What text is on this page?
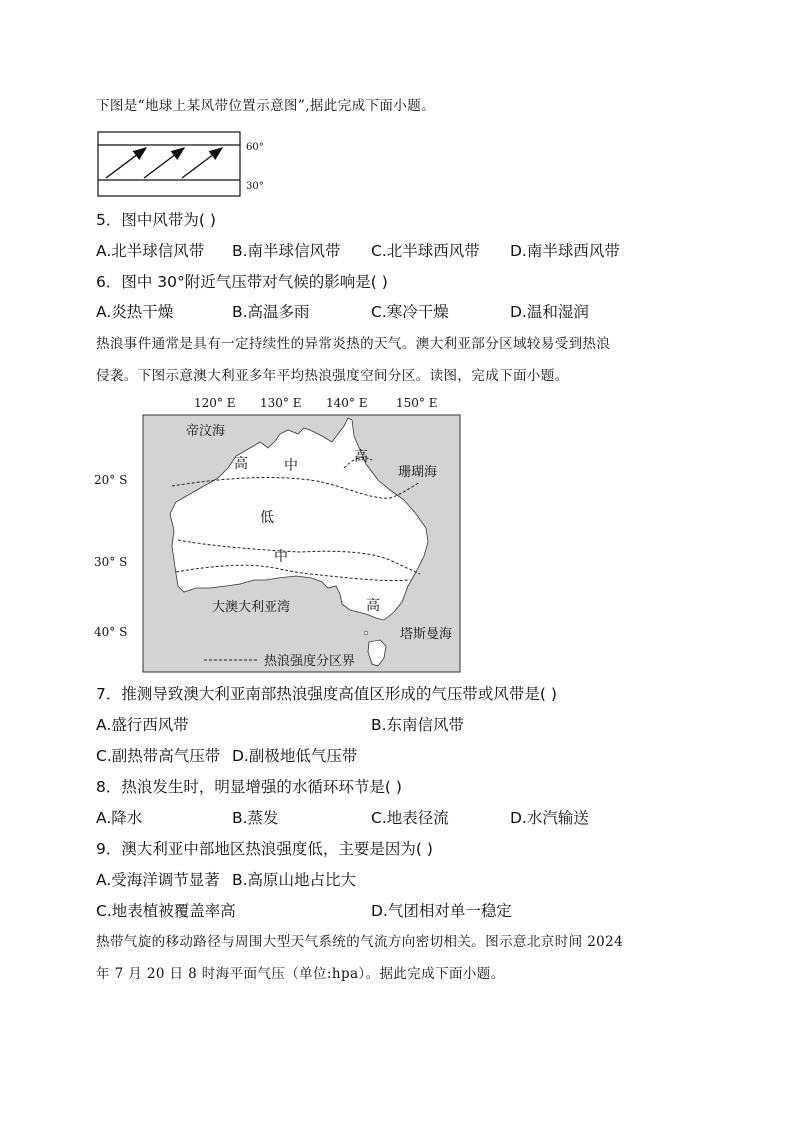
下图是“地球上某风带位置示意图”,据此完成下面小题。
60°
30°
5．图中风带为( )
A.北半球信风带 B.南半球信风带 C.北半球西风带 D.南半球西风带
6．图中 30°附近气压带对气候的影响是( )
A.炎热干燥	B.高温多雨	C.寒冷干燥	D.温和湿润
热浪事件通常是具有一定持续性的异常炎热的天气。澳大利亚部分区域较易受到热浪
侵袭。下图示意澳大利亚多年平均热浪强度空间分区。读图，完成下面小题。
120° E 130° E 140° E 150° E
20° S
30° S
40° S
帝汶海
珊瑚海
大澳大利亚湾
塔斯曼海
高	中
高
低
中
高
热浪强度分区界
7．推测导致澳大利亚南部热浪强度高值区形成的气压带或风带是( )
A.盛行西风带	B.东南信风带
C.副热带高气压带 D.副极地低气压带
8．热浪发生时，明显增强的水循环环节是( )
A.降水	B.蒸发	C.地表径流	D.水汽输送
9．澳大利亚中部地区热浪强度低，主要是因为( )
A.受海洋调节显著 B.高原山地占比大
C.地表植被覆盖率高	D.气团相对单一稳定
热带气旋的移动路径与周围大型天气系统的气流方向密切相关。图示意北京时间 2024
年 7 月 20 日 8 时海平面气压（单位:hpa）。据此完成下面小题。
